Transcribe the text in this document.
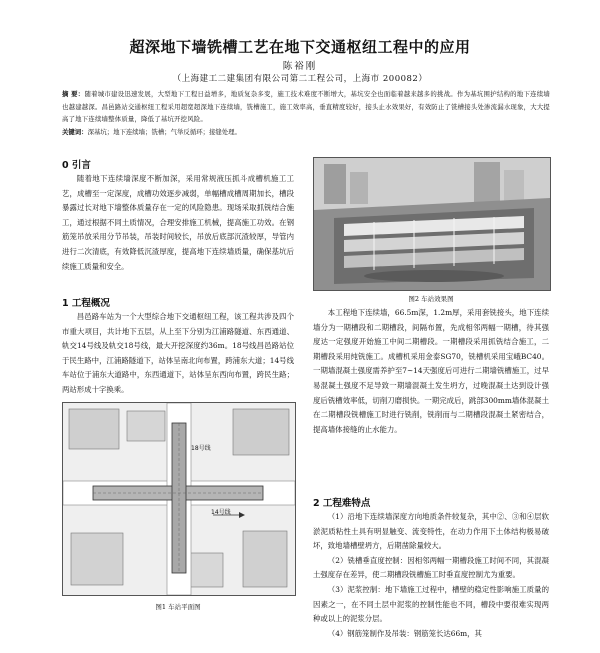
超深地下墙铣槽工艺在地下交通枢纽工程中的应用
陈裕刚
（上海建工二建集团有限公司第二工程公司，上海市 200082）
摘 要：随着城市建设迅速发展，大型地下工程日益增多，地质复杂多变，施工技术难度不断增大，基坑安全也面临着越来越多的挑战。作为基坑围护结构的地下连续墙也越建越深。昌邑路站交通枢纽工程采用超宽超深地下连续墙，铣槽施工，施工效率高，垂直精度较好，接头止水效果好，有效防止了铣槽接头处渗流漏水现象，大大提高了地下连续墙整体质量，降低了基坑开挖风险。
关键词：深基坑；地下连续墙；铣槽；气举反循环；接缝处理。
0 引言

随着地下连续墙深度不断加深，采用常规液压抓斗成槽机施工工艺，成槽至一定深度，成槽功效逐步减弱，单幅槽成槽周期加长，槽段暴露过长对地下墙整体质量存在一定的风险隐患。现场采取抓铣结合施工，通过根据不同土质情况，合理安排施工机械，提高施工功效。在钢筋笼吊放采用分节吊装，吊装时间较长，吊放后底部沉渣较厚，导管内进行二次清底，有效降低沉渣厚度，提高地下连续墙质量，确保基坑后续施工质量和安全。

1 工程概况

昌邑路车站为一个大型综合地下交通枢纽工程，该工程共涉及四个市重大项目，共计地下五层，从上至下分别为江浦路隧道、东西通道、轨交14号线及轨交18号线，最大开挖深度约36m。18号线昌邑路站位于民生路中，江浦路隧道下，站体呈南北向布置，跨浦东大道；14号线车站位于浦东大道路中，东西通道下，站体呈东西向布置，跨民生路；两站形成十字换乘。

14号线
18号线
图1 车站平面图
图2 车站效果图

本工程地下连续墙，66.5m深，1.2m厚，采用套铣接头，地下连续墙分为一期槽段和二期槽段，间隔布置，先成相邻两幅一期槽，待其强度达一定强度开始施工中间二期槽段。一期槽段采用抓铣结合施工，二期槽段采用纯铣施工。成槽机采用金泰SG70，铣槽机采用宝峨BC40。一期墙混凝土强度需养护至7~14天强度后可进行二期墙铣槽施工，过早易混凝土强度不足导致一期墙混凝土发生坍方，过晚混凝土达到设计强度后铣槽效率低，切削刀磨损快。一期完成后，跳部300mm墙体混凝土在二期槽段铣槽施工时进行铣削，铣削而与二期槽段混凝土紧密结合，提高墙体接缝的止水能力。

2 工程难特点

（1）沿地下连续墙深度方向地质条件较复杂，其中②、③和④层软淤泥质粘性土具有明显触变、流变特性，在动力作用下土体结构极易破坏，致地墙槽壁坍方，后期凿除量较大。

（2）铣槽垂直度控制：因相邻两幅一期槽段施工时间不同，其混凝土强度存在差异，使二期槽段铣槽施工时垂直度控制尤为重要。

（3）泥浆控制：地下墙施工过程中，槽壁的稳定性影响施工质量的因素之一，在不同土层中泥浆的控制性能也不同，槽段中要很难实现两种或以上的泥浆分层。

（4）钢筋笼制作及吊装：钢筋笼长达66m，其
